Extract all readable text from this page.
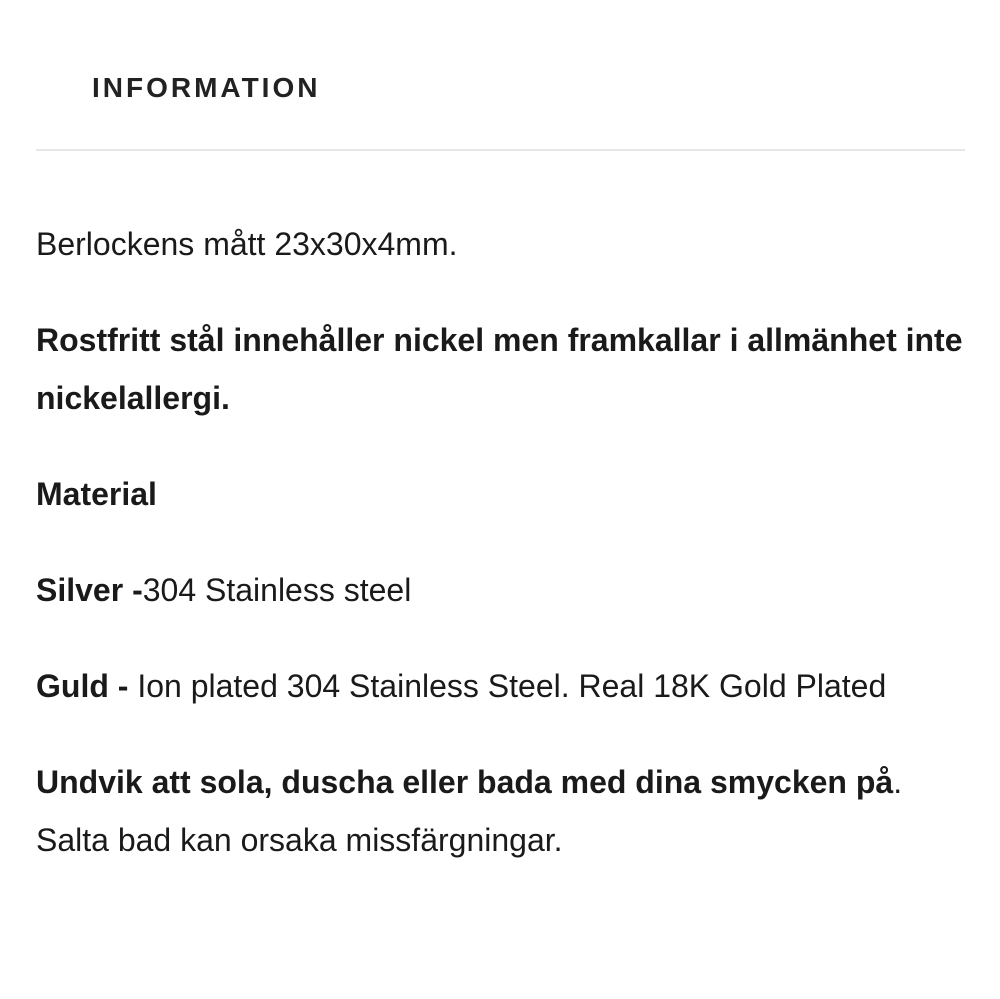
INFORMATION

Berlockens mått 23x30x4mm.

Rostfritt stål innehåller nickel men framkallar i allmänhet inte nickelallergi.

Material

Silver -304 Stainless steel

Guld - Ion plated 304 Stainless Steel. Real 18K Gold Plated

Undvik att sola, duscha eller bada med dina smycken på.
Salta bad kan orsaka missfärgningar.
